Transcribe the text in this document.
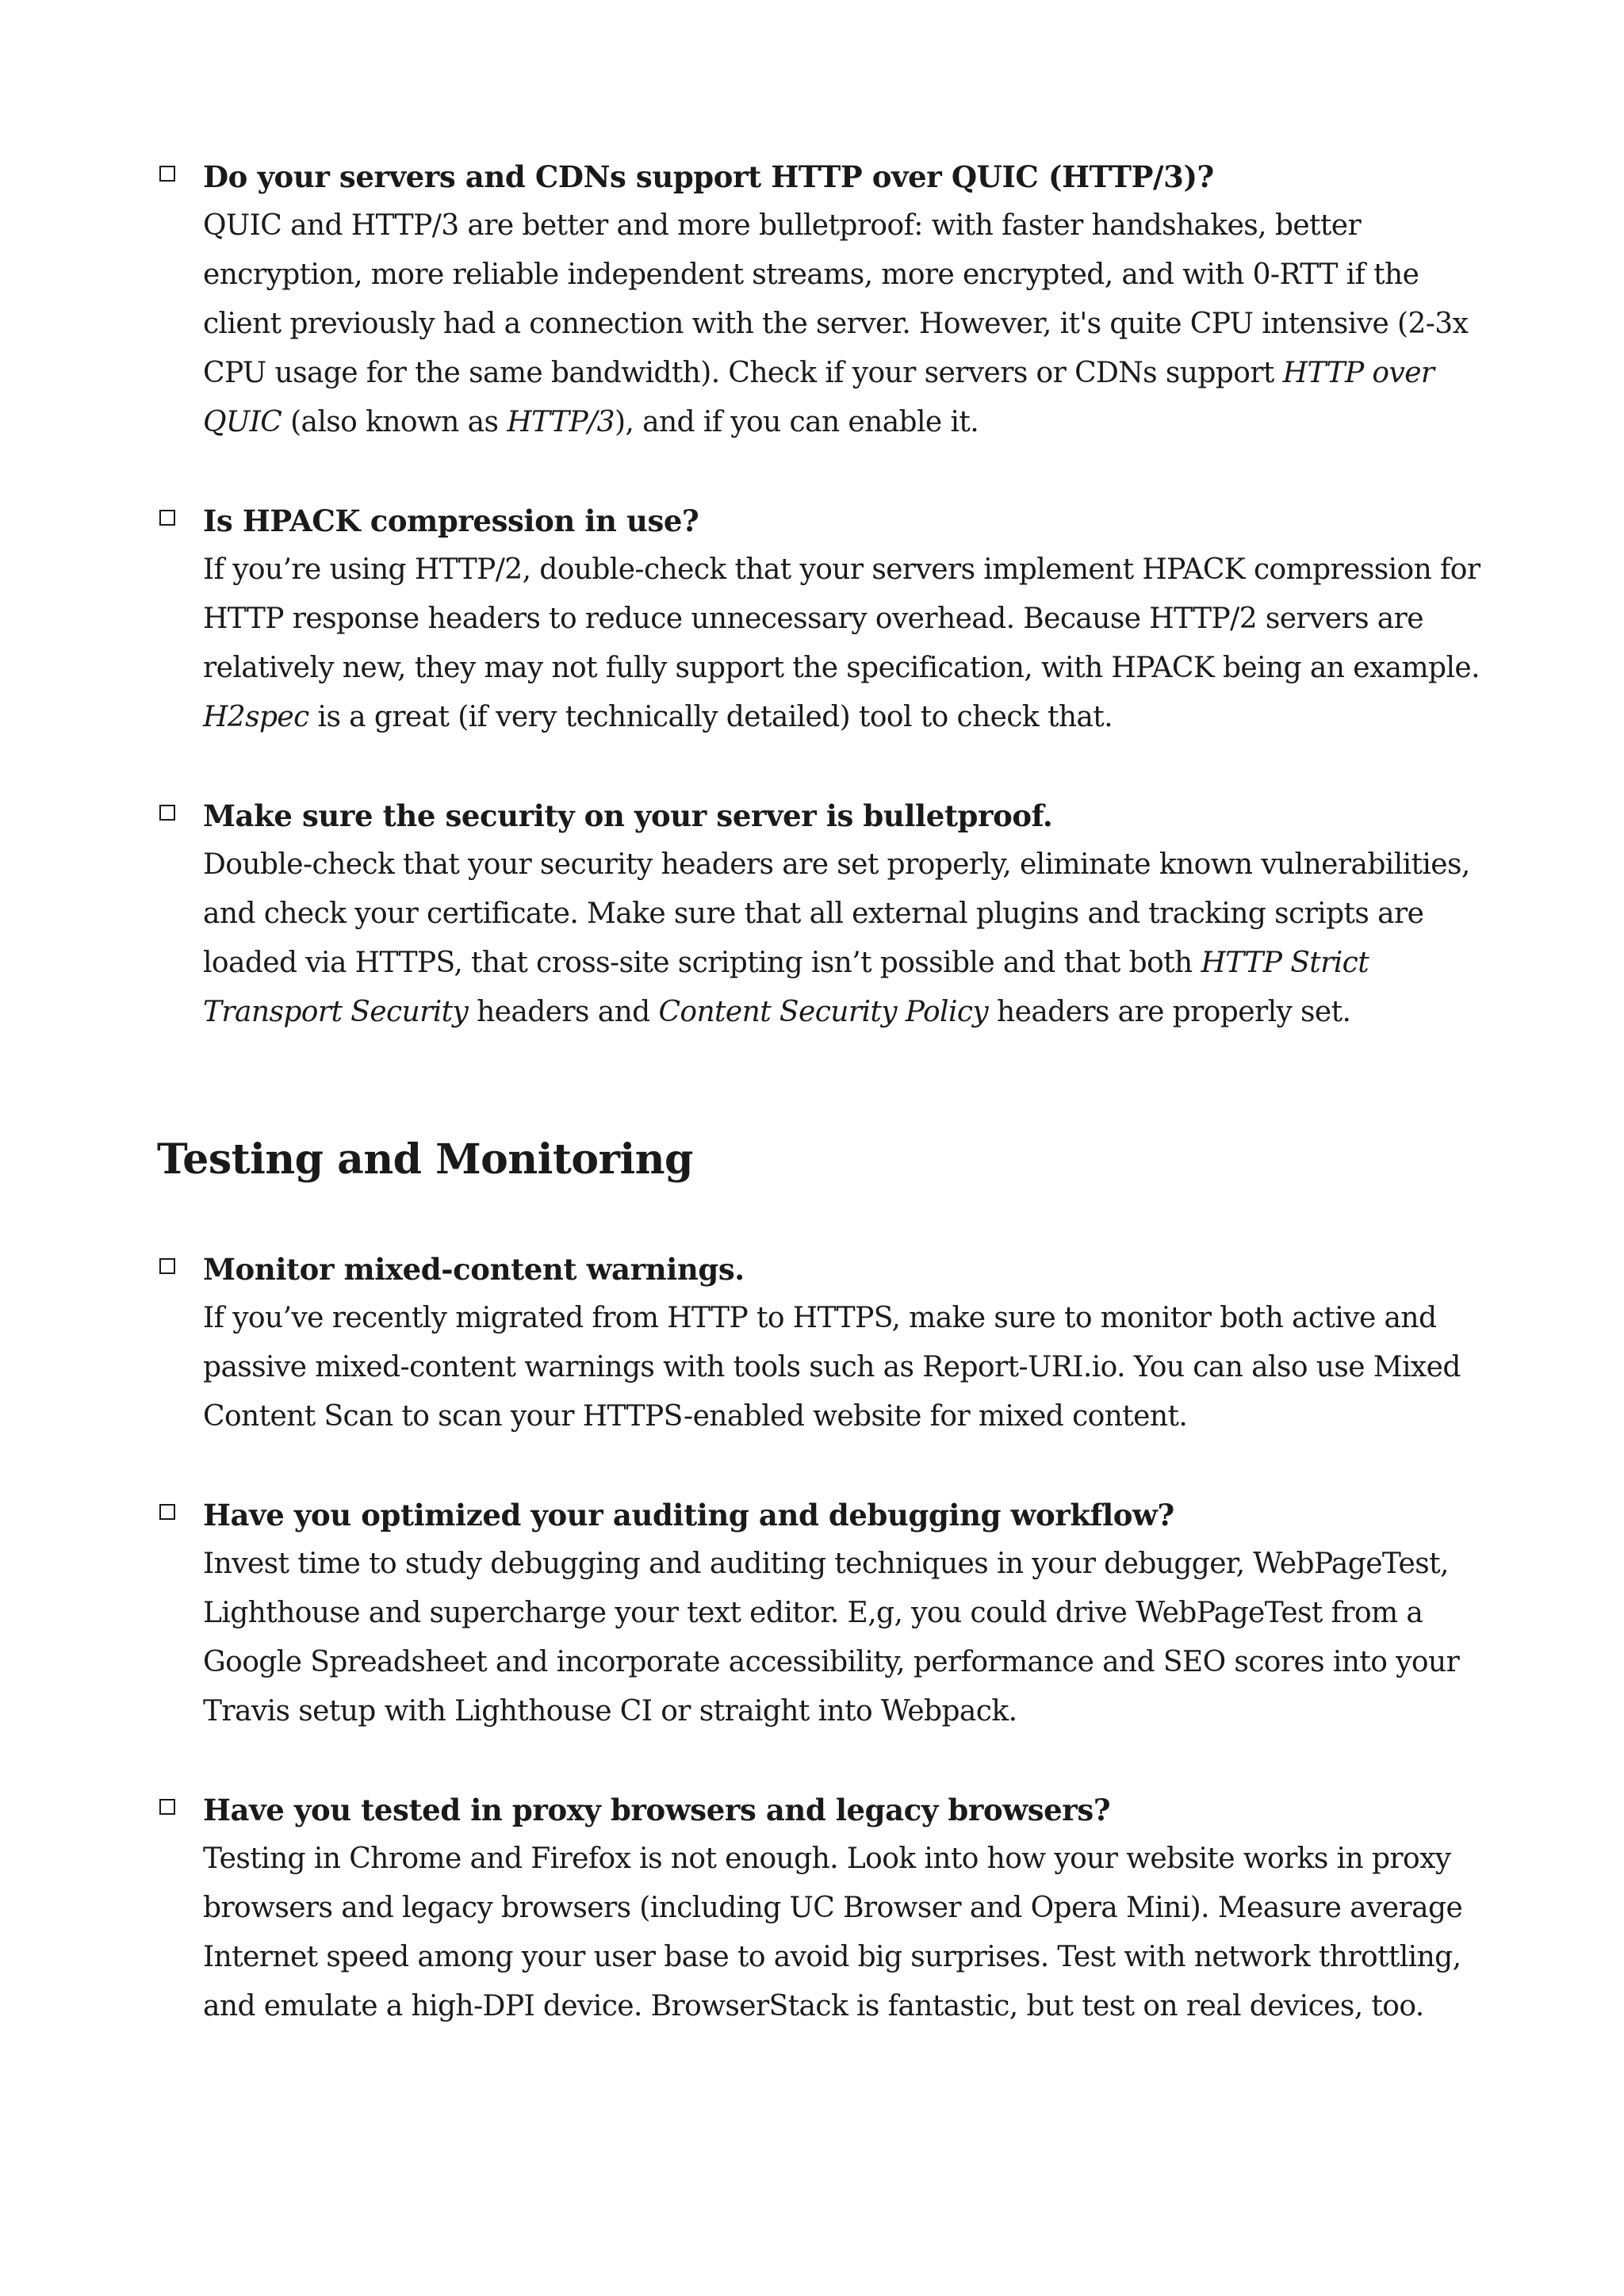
Do your servers and CDNs support HTTP over QUIC (HTTP/3)?

QUIC and HTTP/3 are better and more bulletproof: with faster handshakes, better encryption, more reliable independent streams, more encrypted, and with 0-RTT if the client previously had a connection with the server. However, it's quite CPU intensive (2-3x CPU usage for the same bandwidth). Check if your servers or CDNs support HTTP over QUIC (also known as HTTP/3), and if you can enable it.

Is HPACK compression in use?

If you’re using HTTP/2, double-check that your servers implement HPACK compression for HTTP response headers to reduce unnecessary overhead. Because HTTP/2 servers are relatively new, they may not fully support the specification, with HPACK being an example. H2spec is a great (if very technically detailed) tool to check that.

Make sure the security on your server is bulletproof.

Double-check that your security headers are set properly, eliminate known vulnerabilities, and check your certificate. Make sure that all external plugins and tracking scripts are loaded via HTTPS, that cross-site scripting isn’t possible and that both HTTP Strict Transport Security headers and Content Security Policy headers are properly set.

Testing and Monitoring

Monitor mixed-content warnings.

If you’ve recently migrated from HTTP to HTTPS, make sure to monitor both active and passive mixed-content warnings with tools such as Report-URI.io. You can also use Mixed Content Scan to scan your HTTPS-enabled website for mixed content.

Have you optimized your auditing and debugging workflow?

Invest time to study debugging and auditing techniques in your debugger, WebPageTest, Lighthouse and supercharge your text editor. E,g, you could drive WebPageTest from a Google Spreadsheet and incorporate accessibility, performance and SEO scores into your Travis setup with Lighthouse CI or straight into Webpack.

Have you tested in proxy browsers and legacy browsers?

Testing in Chrome and Firefox is not enough. Look into how your website works in proxy browsers and legacy browsers (including UC Browser and Opera Mini). Measure average Internet speed among your user base to avoid big surprises. Test with network throttling, and emulate a high-DPI device. BrowserStack is fantastic, but test on real devices, too.
